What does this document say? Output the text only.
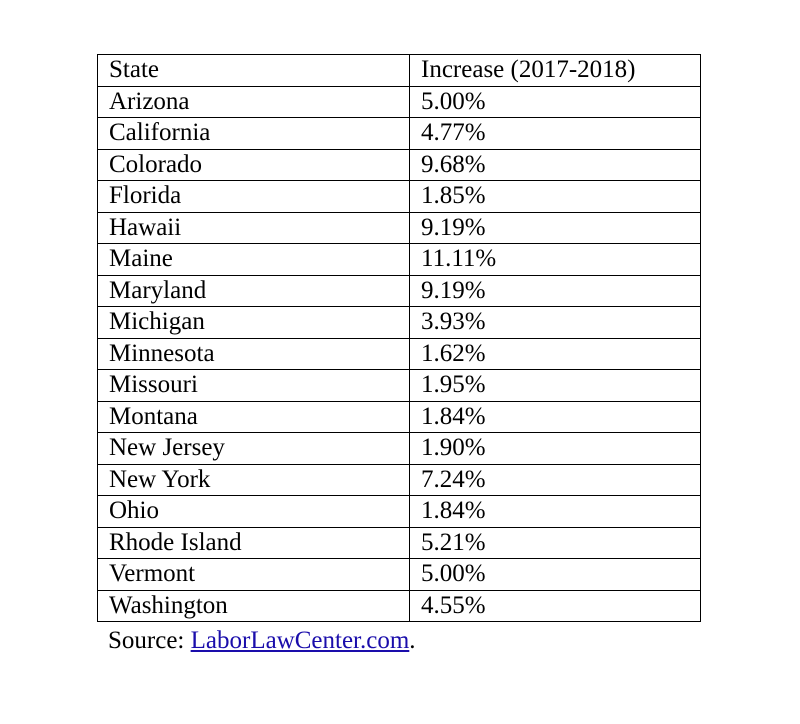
State	Increase (2017-2018)
Arizona	5.00%
California	4.77%
Colorado	9.68%
Florida	1.85%
Hawaii	9.19%
Maine	11.11%
Maryland	9.19%
Michigan	3.93%
Minnesota	1.62%
Missouri	1.95%
Montana	1.84%
New Jersey	1.90%
New York	7.24%
Ohio	1.84%
Rhode Island	5.21%
Vermont	5.00%
Washington	4.55%
Source: LaborLawCenter.com.
